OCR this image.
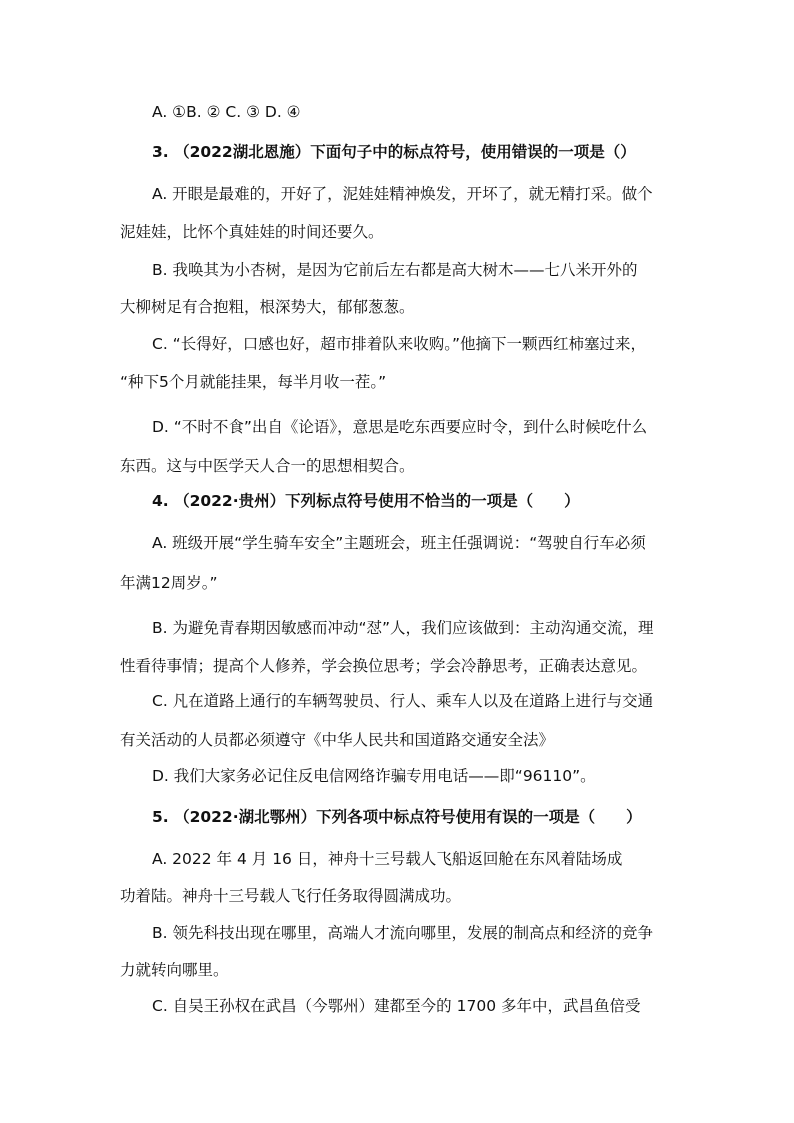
A. ①B. ② C. ③ D. ④
3. （2022湖北恩施）下面句子中的标点符号，使用错误的一项是（）
A. 开眼是最难的，开好了，泥娃娃精神焕发，开坏了，就无精打采。做个
泥娃娃，比怀个真娃娃的时间还要久。
B. 我唤其为小杏树，是因为它前后左右都是高大树木——七八米开外的
大柳树足有合抱粗，根深势大，郁郁葱葱。
C. “长得好，口感也好，超市排着队来收购。”他摘下一颗西红柿塞过来，
“种下5个月就能挂果，每半月收一茬。”
D. “不时不食”出自《论语》，意思是吃东西要应时令，到什么时候吃什么
东西。这与中医学天人合一的思想相契合。
4. （2022·贵州）下列标点符号使用不恰当的一项是（　　）
A. 班级开展“学生骑车安全”主题班会，班主任强调说：“驾驶自行车必须
年满12周岁。”
B. 为避免青春期因敏感而冲动“怼”人，我们应该做到：主动沟通交流，理
性看待事情；提高个人修养，学会换位思考；学会冷静思考，正确表达意见。
C. 凡在道路上通行的车辆驾驶员、行人、乘车人以及在道路上进行与交通
有关活动的人员都必须遵守《中华人民共和国道路交通安全法》
D. 我们大家务必记住反电信网络诈骗专用电话——即“96110”。
5. （2022·湖北鄂州）下列各项中标点符号使用有误的一项是（　　）
A. 2022 年 4 月 16 日，神舟十三号载人飞船返回舱在东风着陆场成
功着陆。神舟十三号载人飞行任务取得圆满成功。
B. 领先科技出现在哪里，高端人才流向哪里，发展的制高点和经济的竞争
力就转向哪里。
C. 自吴王孙权在武昌（今鄂州）建都至今的 1700 多年中，武昌鱼倍受
